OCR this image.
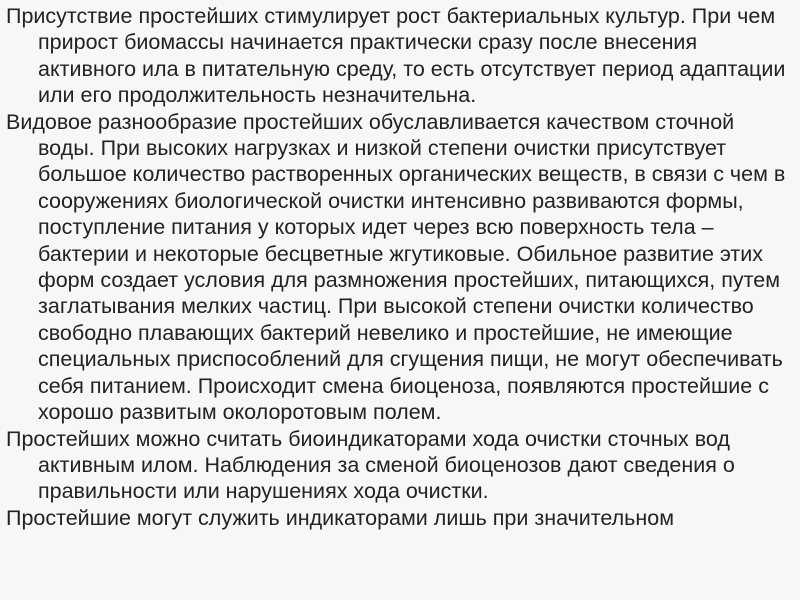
Присутствие простейших стимулирует рост бактериальных культур. При чем прирост биомассы начинается практически сразу после внесения активного ила в питательную среду, то есть отсутствует период адаптации или его продолжительность незначительна.

Видовое разнообразие простейших обуславливается качеством сточной воды. При высоких нагрузках и низкой степени очистки присутствует большое количество растворенных органических веществ, в связи с чем в сооружениях биологической очистки интенсивно развиваются формы, поступление питания у которых идет через всю поверхность тела – бактерии и некоторые бесцветные жгутиковые. Обильное развитие этих форм создает условия для размножения простейших, питающихся, путем заглатывания мелких частиц. При высокой степени очистки количество свободно плавающих бактерий невелико и простейшие, не имеющие специальных приспособлений для сгущения пищи, не могут обеспечивать себя питанием. Происходит смена биоценоза, появляются простейшие с хорошо развитым околоротовым полем.

Простейших можно считать биоиндикаторами хода очистки сточных вод активным илом. Наблюдения за сменой биоценозов дают сведения о правильности или нарушениях хода очистки.

Простейшие могут служить индикаторами лишь при значительном
